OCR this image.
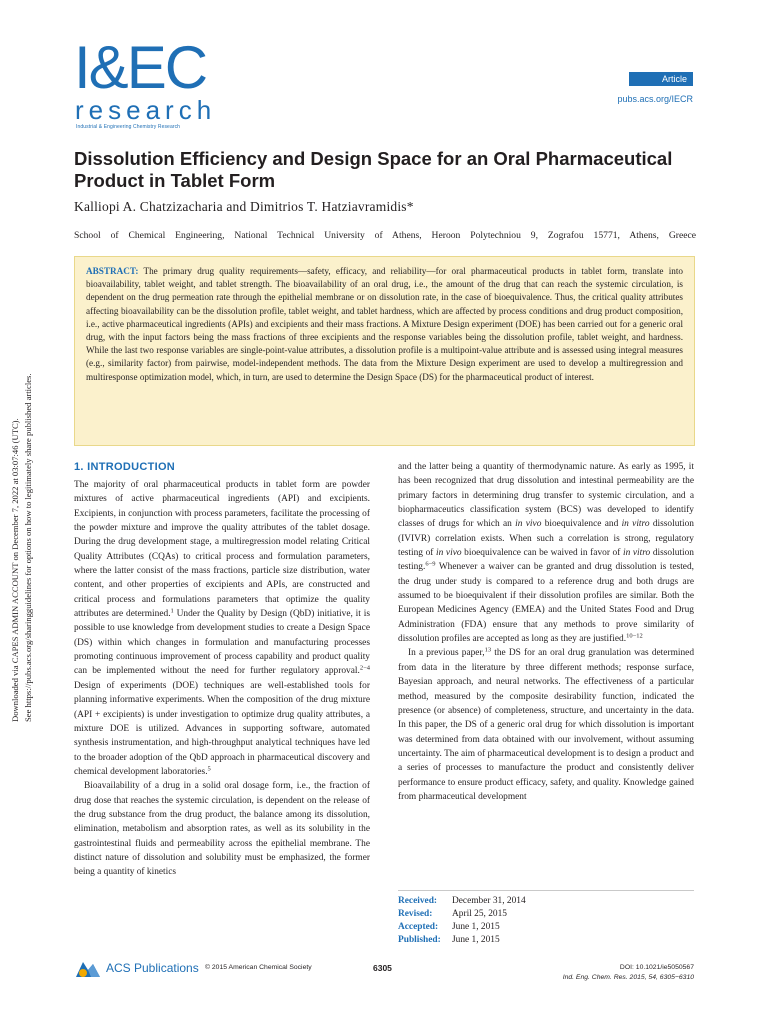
I&EC
research
Industrial & Engineering Chemistry Research
Article
pubs.acs.org/IECR
Dissolution Efficiency and Design Space for an Oral Pharmaceutical Product in Tablet Form
Kalliopi A. Chatzizacharia and Dimitrios T. Hatziavramidis*
School of Chemical Engineering, National Technical University of Athens, Heroon Polytechniou 9, Zografou 15771, Athens, Greece
ABSTRACT: The primary drug quality requirements—safety, efficacy, and reliability—for oral pharmaceutical products in tablet form, translate into bioavailability, tablet weight, and tablet strength. The bioavailability of an oral drug, i.e., the amount of the drug that can reach the systemic circulation, is dependent on the drug permeation rate through the epithelial membrane or on dissolution rate, in the case of bioequivalence. Thus, the critical quality attributes affecting bioavailability can be the dissolution profile, tablet weight, and tablet hardness, which are affected by process conditions and drug product composition, i.e., active pharmaceutical ingredients (APIs) and excipients and their mass fractions. A Mixture Design experiment (DOE) has been carried out for a generic oral drug, with the input factors being the mass fractions of three excipients and the response variables being the dissolution profile, tablet weight, and hardness. While the last two response variables are single-point-value attributes, a dissolution profile is a multipoint-value attribute and is assessed using integral measures (e.g., similarity factor) from pairwise, model-independent methods. The data from the Mixture Design experiment are used to develop a multiregression and multiresponse optimization model, which, in turn, are used to determine the Design Space (DS) for the pharmaceutical product of interest.
Downloaded via CAPES ADMIN ACCOUNT on December 7, 2022 at 03:07:46 (UTC). See https://pubs.acs.org/sharingguidelines for options on how to legitimately share published articles.	1. INTRODUCTION

The majority of oral pharmaceutical products in tablet form are powder mixtures of active pharmaceutical ingredients (API) and excipients. Excipients, in conjunction with process parameters, facilitate the processing of the powder mixture and improve the quality attributes of the tablet dosage. During the drug development stage, a multiregression model relating Critical Quality Attributes (CQAs) to critical process and formulation parameters, where the latter consist of the mass fractions, particle size distribution, water content, and other properties of excipients and APIs, are constructed and critical process and formulations parameters that optimize the quality attributes are determined.$^1$ Under the Quality by Design (QbD) initiative, it is possible to use knowledge from development studies to create a Design Space (DS) within which changes in formulation and manufacturing processes promoting continuous improvement of process capability and product quality can be implemented without the need for further regulatory approval.$^{2-4}$ Design of experiments (DOE) techniques are well-established tools for planning informative experiments. When the composition of the drug mixture (API + excipients) is under investigation to optimize drug quality attributes, a mixture DOE is utilized. Advances in supporting software, automated synthesis instrumentation, and high-throughput analytical techniques have led to the broader adoption of the QbD approach in pharmaceutical discovery and chemical development laboratories.$^5$

Bioavailability of a drug in a solid oral dosage form, i.e., the fraction of drug dose that reaches the systemic circulation, is dependent on the release of the drug substance from the drug product, the balance among its dissolution, elimination, metabolism and absorption rates, as well as its solubility in the gastrointestinal fluids and permeability across the epithelial membrane. The distinct nature of dissolution and solubility must be emphasized, the former being a quantity of kinetics

and the latter being a quantity of thermodynamic nature. As early as 1995, it has been recognized that drug dissolution and intestinal permeability are the primary factors in determining drug transfer to systemic circulation, and a biopharmaceutics classification system (BCS) was developed to identify classes of drugs for which an in vivo bioequivalence and in vitro dissolution (IVIVR) correlation exists. When such a correlation is strong, regulatory testing of in vivo bioequivalence can be waived in favor of in vitro dissolution testing.$^{6-9}$ Whenever a waiver can be granted and drug dissolution is tested, the drug under study is compared to a reference drug and both drugs are assumed to be bioequivalent if their dissolution profiles are similar. Both the European Medicines Agency (EMEA) and the United States Food and Drug Administration (FDA) ensure that any methods to prove similarity of dissolution profiles are accepted as long as they are justified.$^{10-12}$

In a previous paper,$^{13}$ the DS for an oral drug granulation was determined from data in the literature by three different methods; response surface, Bayesian approach, and neural networks. The effectiveness of a particular method, measured by the composite desirability function, indicated the presence (or absence) of completeness, structure, and uncertainty in the data. In this paper, the DS of a generic oral drug for which dissolution is important was determined from data obtained with our involvement, without assuming uncertainty. The aim of pharmaceutical development is to design a product and a series of processes to manufacture the product and consistently deliver performance to ensure product efficacy, safety, and quality. Knowledge gained from pharmaceutical development

Received: December 31, 2014
Revised: April 25, 2015
Accepted: June 1, 2015
Published: June 1, 2015
ACS Publications © 2015 American Chemical Society	6305	DOI: 10.1021/ie5050567
Ind. Eng. Chem. Res. 2015, 54, 6305−6310
